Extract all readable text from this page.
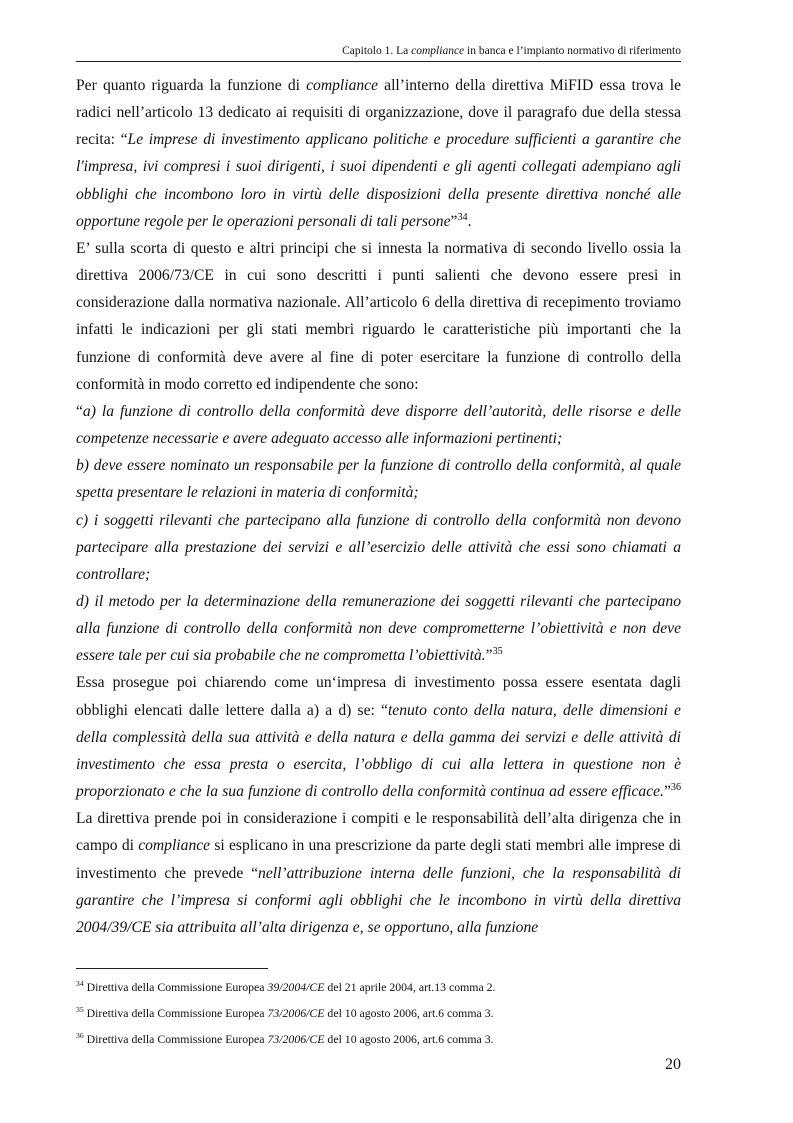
Capitolo 1. La compliance in banca e l’impianto normativo di riferimento

Per quanto riguarda la funzione di compliance all’interno della direttiva MiFID essa trova le radici nell’articolo 13 dedicato ai requisiti di organizzazione, dove il paragrafo due della stessa recita: “Le imprese di investimento applicano politiche e procedure sufficienti a garantire che l'impresa, ivi compresi i suoi dirigenti, i suoi dipendenti e gli agenti collegati adempiano agli obblighi che incombono loro in virtù delle disposizioni della presente direttiva nonché alle opportune regole per le operazioni personali di tali persone”$^{34}$.

E’ sulla scorta di questo e altri principi che si innesta la normativa di secondo livello ossia la direttiva 2006/73/CE in cui sono descritti i punti salienti che devono essere presi in considerazione dalla normativa nazionale. All’articolo 6 della direttiva di recepimento troviamo infatti le indicazioni per gli stati membri riguardo le caratteristiche più importanti che la funzione di conformità deve avere al fine di poter esercitare la funzione di controllo della conformità in modo corretto ed indipendente che sono:

“a) la funzione di controllo della conformità deve disporre dell’autorità, delle risorse e delle competenze necessarie e avere adeguato accesso alle informazioni pertinenti;

b) deve essere nominato un responsabile per la funzione di controllo della conformità, al quale spetta presentare le relazioni in materia di conformità;

c) i soggetti rilevanti che partecipano alla funzione di controllo della conformità non devono partecipare alla prestazione dei servizi e all’esercizio delle attività che essi sono chiamati a controllare;

d) il metodo per la determinazione della remunerazione dei soggetti rilevanti che partecipano alla funzione di controllo della conformità non deve comprometterne l’obiettività e non deve essere tale per cui sia probabile che ne comprometta l’obiettività.”$^{35}$

Essa prosegue poi chiarendo come un‘impresa di investimento possa essere esentata dagli obblighi elencati dalle lettere dalla a) a d) se: “tenuto conto della natura, delle dimensioni e della complessità della sua attività e della natura e della gamma dei servizi e delle attività di investimento che essa presta o esercita, l’obbligo di cui alla lettera in questione non è proporzionato e che la sua funzione di controllo della conformità continua ad essere efficace.”$^{36}$ La direttiva prende poi in considerazione i compiti e le responsabilità dell’alta dirigenza che in campo di compliance si esplicano in una prescrizione da parte degli stati membri alle imprese di investimento che prevede “nell’attribuzione interna delle funzioni, che la responsabilità di garantire che l’impresa si conformi agli obblighi che le incombono in virtù della direttiva 2004/39/CE sia attribuita all’alta dirigenza e, se opportuno, alla funzione

$^{34}$ Direttiva della Commissione Europea 39/2004/CE del 21 aprile 2004, art.13 comma 2.

$^{35}$ Direttiva della Commissione Europea 73/2006/CE del 10 agosto 2006, art.6 comma 3.

$^{36}$ Direttiva della Commissione Europea 73/2006/CE del 10 agosto 2006, art.6 comma 3.

20
